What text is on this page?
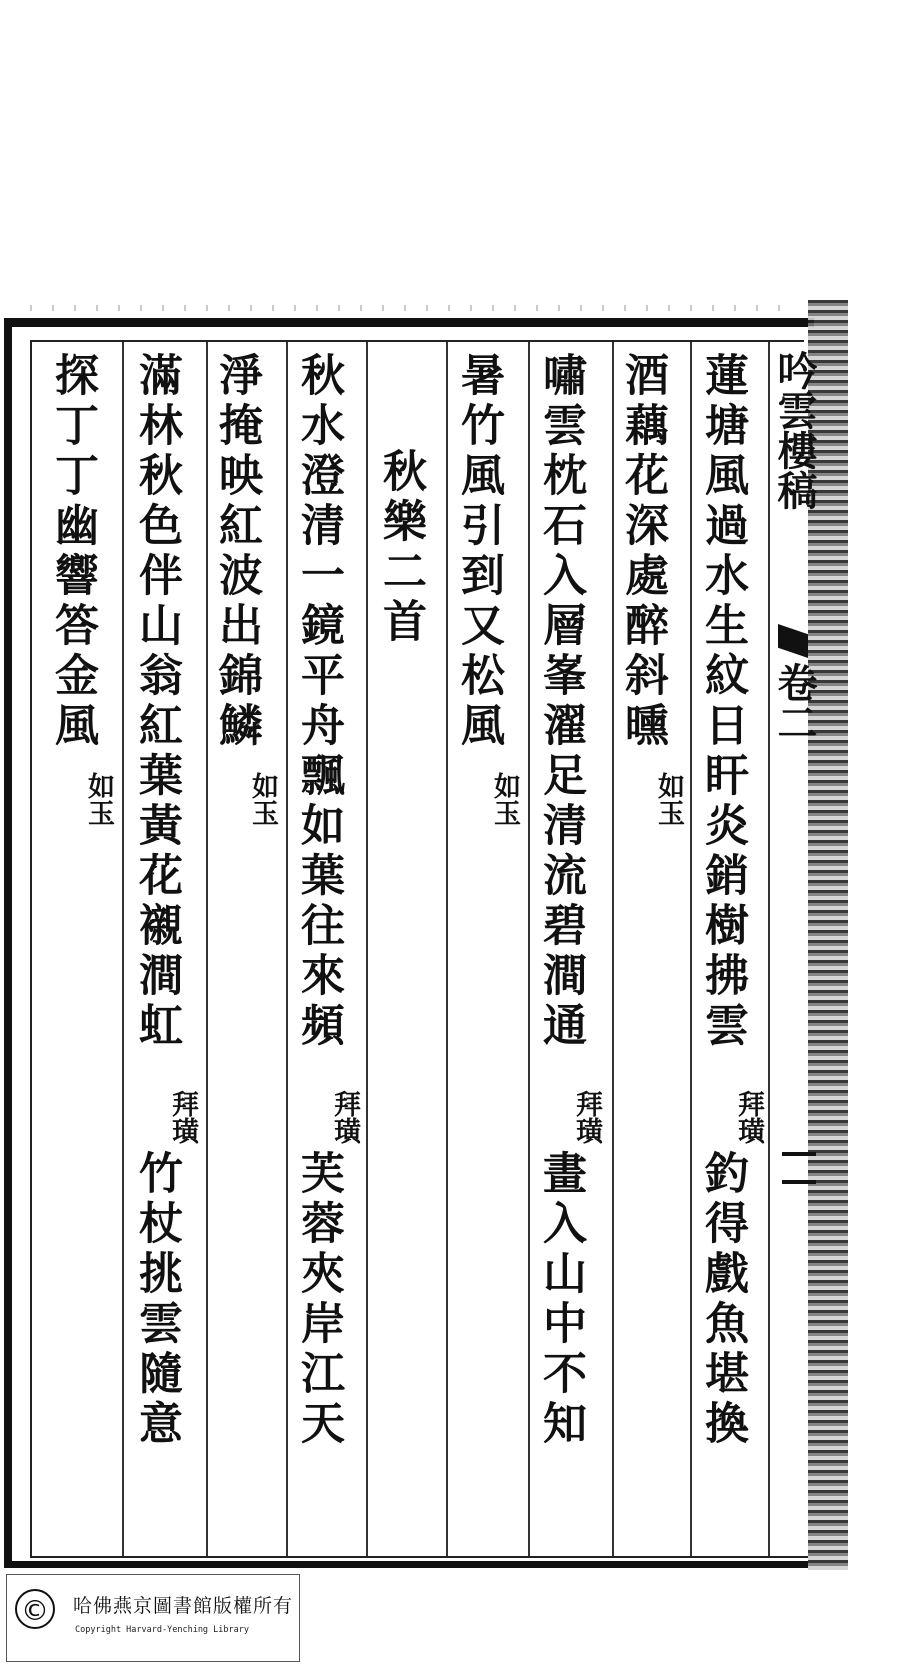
吟雲樓稿
卷二
蓮塘風過水生紋日盰炎銷樹拂雲
拜璜
釣得戲魚堪換
酒藕花深處醉斜曛
如玉
嘯雲枕石入層峯濯足清流碧澗通
拜璜
畫入山中不知
暑竹風引到又松風
如玉
秋樂二首
秋水澄清一鏡平舟飄如葉往來頻
拜璜
芙蓉夾岸江天
淨掩映紅波出錦鱗
如玉
滿林秋色伴山翁紅葉黃花襯澗虹
拜璜
竹杖挑雲隨意
探丁丁幽響答金風
如玉
©	哈佛燕京圖書館版權所有
Copyright Harvard-Yenching Library
